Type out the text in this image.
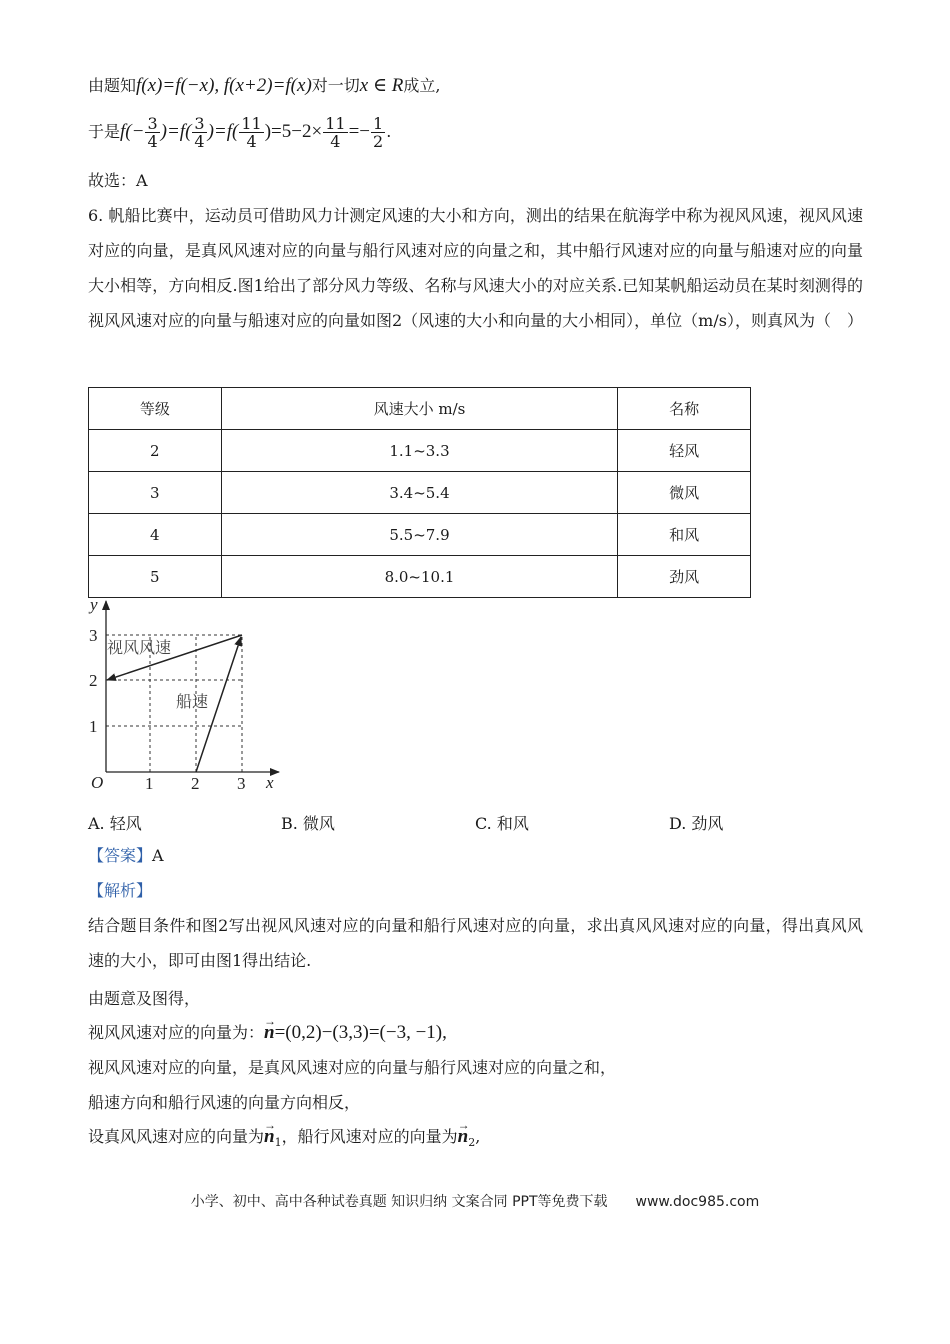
由题知f(x)=f(−x), f(x+2)=f(x)对一切x ∈ R成立,
于是$f(- \frac{3}{4} )=f( \frac{3}{4} )=f( \frac{11}{4} )=5-2\times \frac{11}{4} =- \frac{1}{2}$ .
故选：A
6. 帆船比赛中，运动员可借助风力计测定风速的大小和方向，测出的结果在航海学中称为视风风速，视风风速对应的向量，是真风风速对应的向量与船行风速对应的向量之和，其中船行风速对应的向量与船速对应的向量大小相等，方向相反.图1给出了部分风力等级、名称与风速大小的对应关系.已知某帆船运动员在某时刻测得的视风风速对应的向量与船速对应的向量如图2（风速的大小和向量的大小相同），单位（m/s），则真风为（　）
等级	风速大小 m/s	名称
2	1.1~3.3	轻风
3	3.4~5.4	微风
4	5.5~7.9	和风
5	8.0~10.1	劲风
y
x
O 1 2 3
1
2
3
视风风速
船速
A. 轻风	B. 微风	C. 和风	D. 劲风
【答案】A
【解析】
结合题目条件和图2写出视风风速对应的向量和船行风速对应的向量，求出真风风速对应的向量，得出真风风速的大小，即可由图1得出结论.
由题意及图得，
视风风速对应的向量为：→ n=(0,2)−(3,3)=(−3, −1),
视风风速对应的向量，是真风风速对应的向量与船行风速对应的向量之和，
船速方向和船行风速的向量方向相反，
设真风风速对应的向量为→ $n_1$，船行风速对应的向量为→ $n_2$,
小学、初中、高中各种试卷真题 知识归纳 文案合同 PPT等免费下载　　www.doc985.com
